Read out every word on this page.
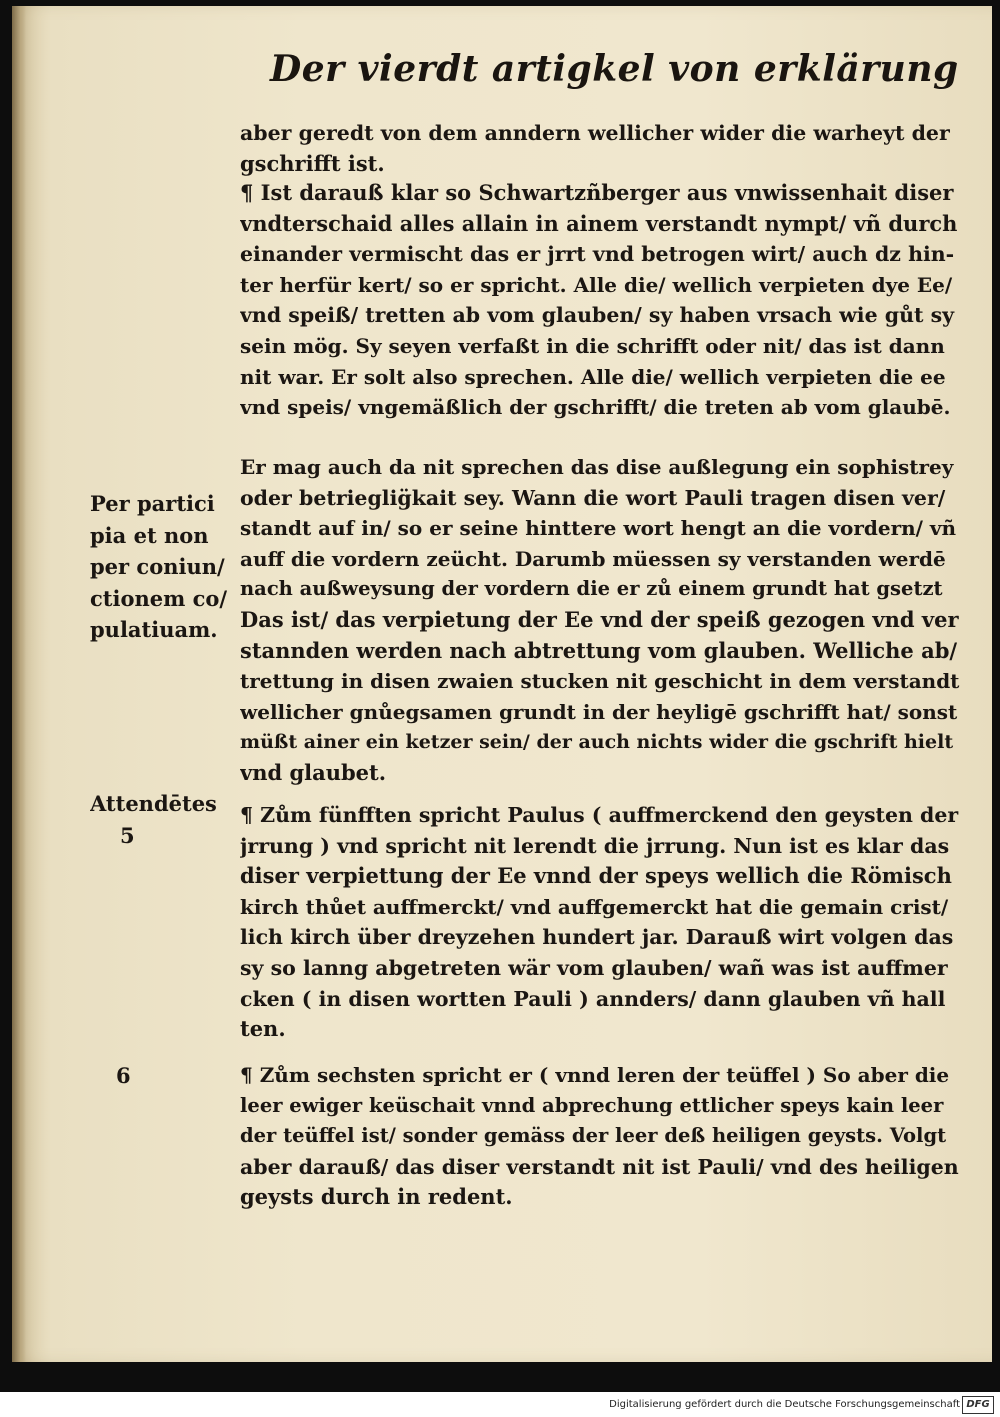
Der vierdt artigkel von erklärung
aber geredt von dem anndern wellicher wider die warheyt der
gschrifft ist.
¶ Ist darauß klar so Schwartzñberger aus vnwissenhait diser
vndterschaid alles allain in ainem verstandt nympt/ vñ durch
einander vermischt das er jrrt vnd betrogen wirt/ auch dz hin-
ter herfür kert/ so er spricht. Alle die/ wellich verpieten dye Ee/
vnd speiß/ tretten ab vom glauben/ sy haben vrsach wie gůt sy
sein mög. Sy seyen verfaßt in die schrifft oder nit/ das ist dann
nit war. Er solt also sprechen. Alle die/ wellich verpieten die ee
vnd speis/ vngemäßlich der gschrifft/ die treten ab vom glaubē.
Er mag auch da nit sprechen das dise außlegung ein sophistrey
oder betrieglig̈kait sey. Wann die wort Pauli tragen disen ver/
standt auf in/ so er seine hinttere wort hengt an die vordern/ vñ
auff die vordern zeücht. Darumb müessen sy verstanden werdē
nach außweysung der vordern die er zů einem grundt hat gsetzt
Das ist/ das verpietung der Ee vnd der speiß gezogen vnd ver
stannden werden nach abtrettung vom glauben. Welliche ab/
trettung in disen zwaien stucken nit geschicht in dem verstandt
wellicher gnůegsamen grundt in der heyligē gschrifft hat/ sonst
müßt ainer ein ketzer sein/ der auch nichts wider die gschrift hielt
vnd glaubet.
¶ Zům fünfften spricht Paulus ( auffmerckend den geysten der
jrrung ) vnd spricht nit lerendt die jrrung. Nun ist es klar das
diser verpiettung der Ee vnnd der speys wellich die Römisch
kirch thůet auffmerckt/ vnd auffgemerckt hat die gemain crist/
lich kirch über dreyzehen hundert jar. Darauß wirt volgen das
sy so lanng abgetreten wär vom glauben/ wañ was ist auffmer
cken ( in disen wortten Pauli ) annders/ dann glauben vñ hall
ten.
¶ Zům sechsten spricht er ( vnnd leren der teüffel ) So aber die
leer ewiger keüschait vnnd abprechung ettlicher speys kain leer
der teüffel ist/ sonder gemäss der leer deß heiligen geysts. Volgt
aber darauß/ das diser verstandt nit ist Pauli/ vnd des heiligen
geysts durch in redent.
Per partici
pia et non
per coniun/
ctionem co/
pulatiuam.
Attendētes
5
6
Digitalisierung gefördert durch die Deutsche Forschungsgemeinschaft DFG
